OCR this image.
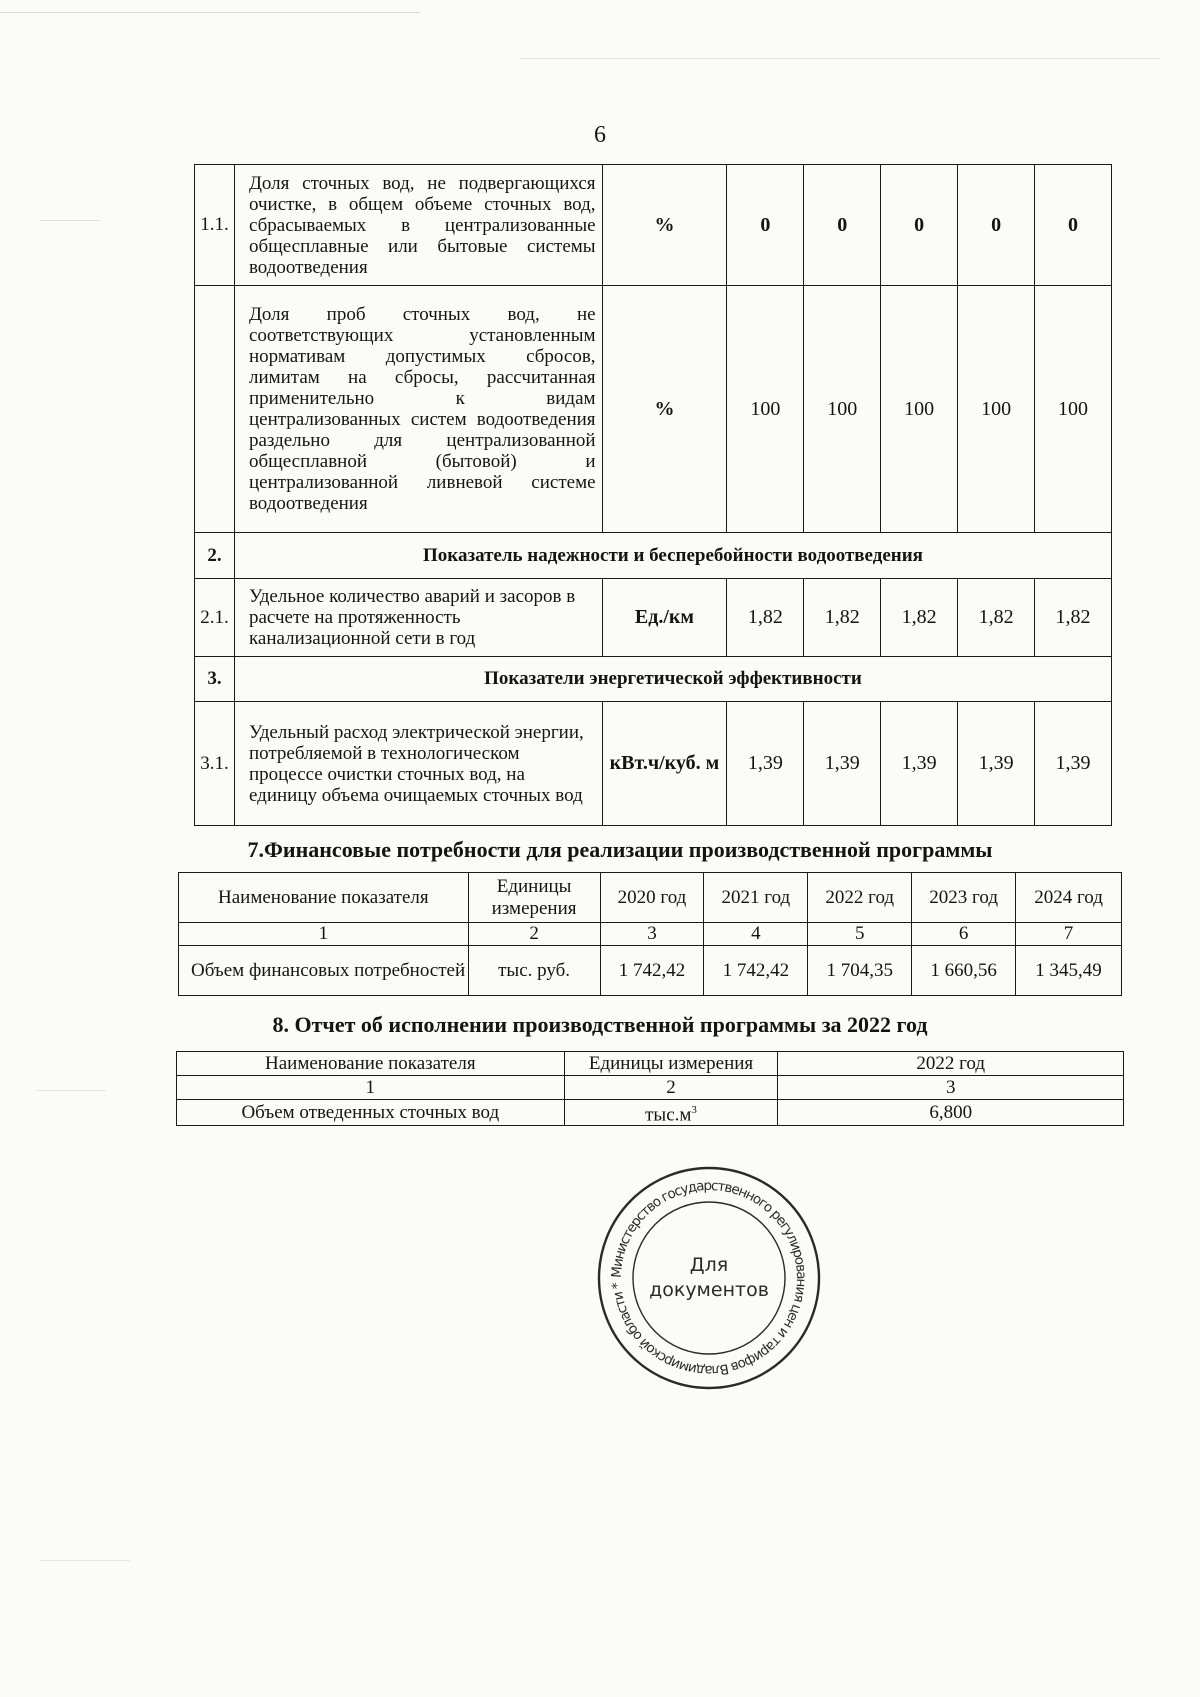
6
1.1.	Доля сточных вод, не подвергающихся очистке, в общем объеме сточных вод, сбрасываемых в централизованные общесплавные или бытовые системы водоотведения	%	0	0	0	0	0
	Доля проб сточных вод, не соответствующих установленным нормативам допустимых сбросов, лимитам на сбросы, рассчитанная применительно к видам централизованных систем водоотведения раздельно для централизованной общесплавной (бытовой) и централизованной ливневой системе водоотведения	%	100	100	100	100	100
2.	Показатель надежности и бесперебойности водоотведения						
2.1.	Удельное количество аварий и засоров в расчете на протяженность канализационной сети в год	Ед./км	1,82	1,82	1,82	1,82	1,82
3.	Показатели энергетической эффективности						
3.1.	Удельный расход электрической энергии, потребляемой в технологическом процессе очистки сточных вод, на единицу объема очищаемых сточных вод	кВт.ч/куб. м	1,39	1,39	1,39	1,39	1,39
7.Финансовые потребности для реализации производственной программы
Наименование показателя	Единицы измерения	2020 год	2021 год	2022 год	2023 год	2024 год
1	2	3	4	5	6	7
Объем финансовых потребностей	тыс. руб.	1 742,42	1 742,42	1 704,35	1 660,56	1 345,49
8. Отчет об исполнении производственной программы за 2022 год
Наименование показателя	Единицы измерения	2022 год
1	2	3
Объем отведенных сточных вод	$тыс.м^3$	6,800
Министерство государственного регулирования цен и тарифов Владимирской области *
Для
документов
